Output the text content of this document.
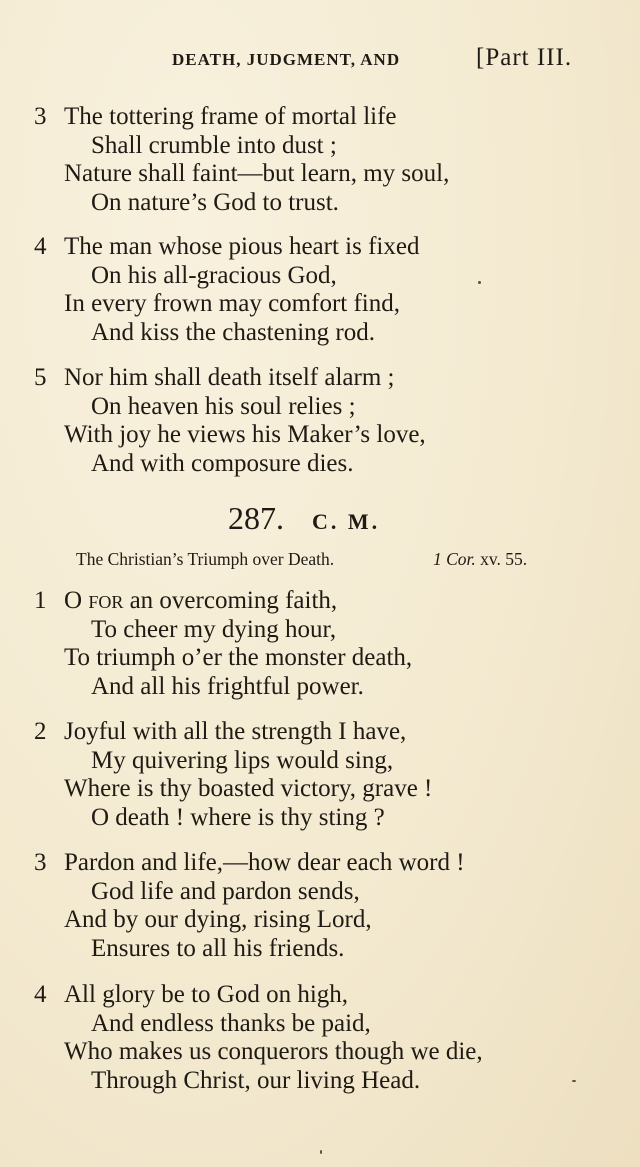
DEATH, JUDGMENT, AND	[Part III.
3 The tottering frame of mortal life
Shall crumble into dust ;
Nature shall faint—but learn, my soul,
On nature’s God to trust.
4 The man whose pious heart is fixed
On his all-gracious God,
In every frown may comfort find,
And kiss the chastening rod.
5 Nor him shall death itself alarm ;
On heaven his soul relies ;
With joy he views his Maker’s love,
And with composure dies.
287. C. M.
The Christian’s Triumph over Death.	1 Cor. xv. 55.
1 O for an overcoming faith,
To cheer my dying hour,
To triumph o’er the monster death,
And all his frightful power.
2 Joyful with all the strength I have,
My quivering lips would sing,
Where is thy boasted victory, grave !
O death ! where is thy sting ?
3 Pardon and life,—how dear each word !
God life and pardon sends,
And by our dying, rising Lord,
Ensures to all his friends.
4 All glory be to God on high,
And endless thanks be paid,
Who makes us conquerors though we die,
Through Christ, our living Head.
